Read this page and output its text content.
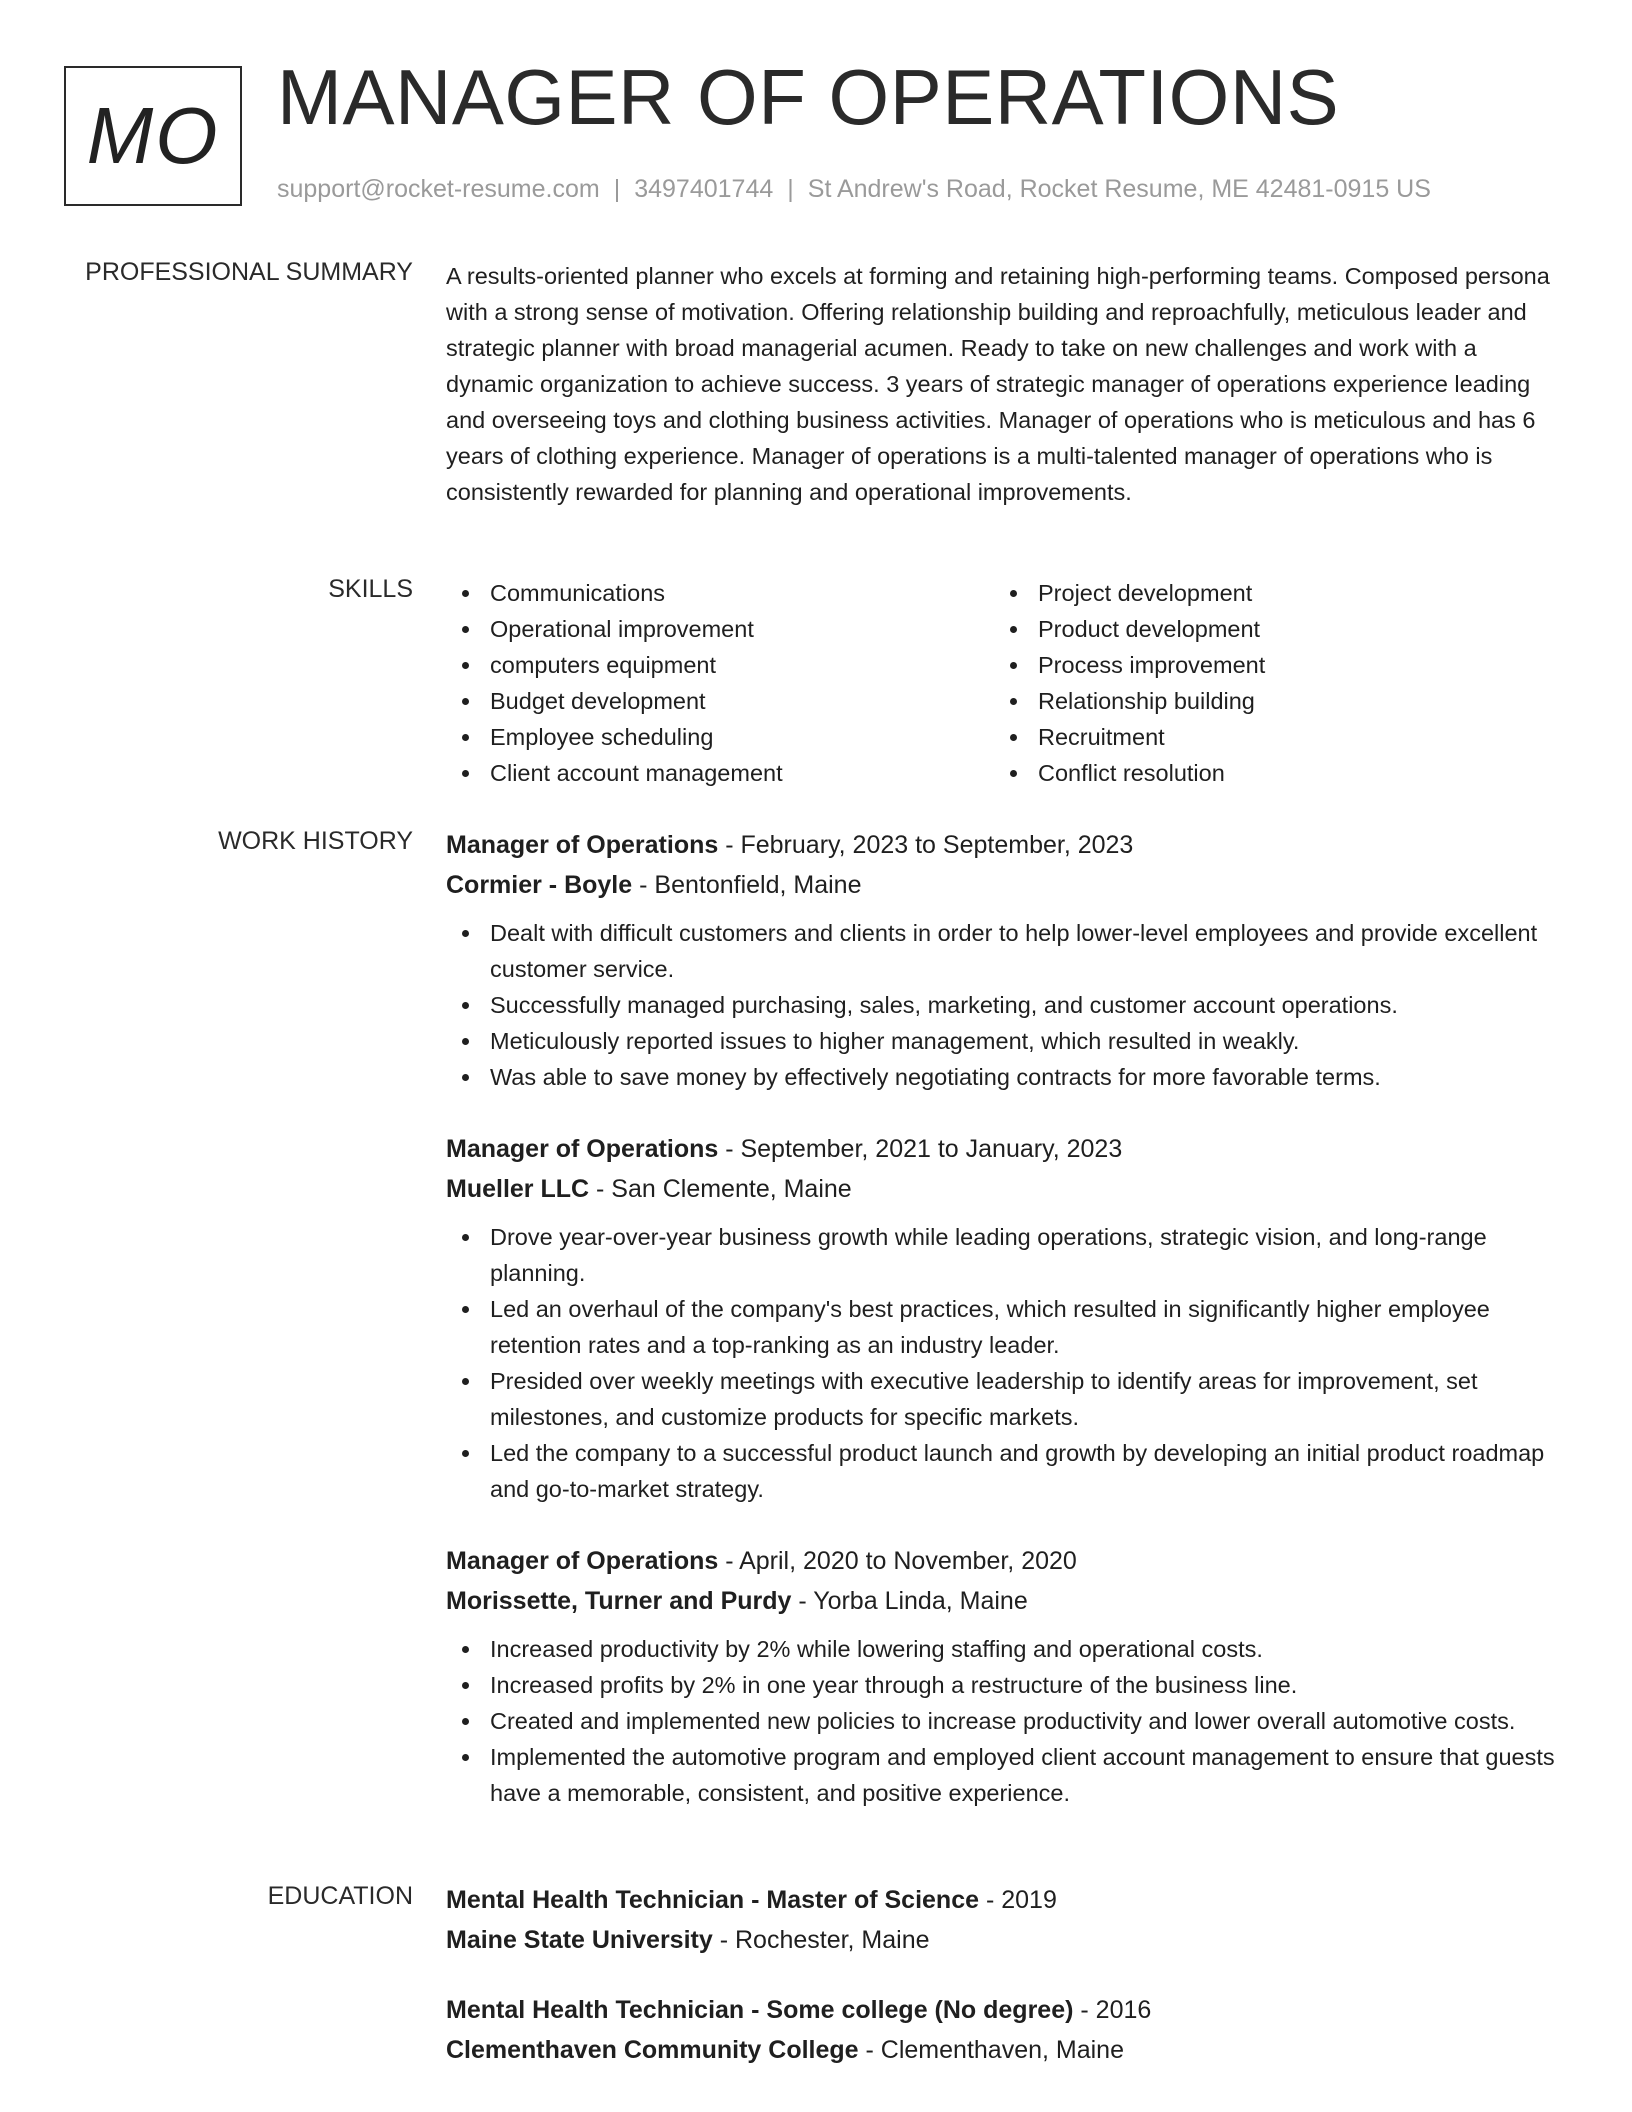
MO MANAGER OF OPERATIONS
support@rocket-resume.com | 3497401744 | St Andrew's Road, Rocket Resume, ME 42481-0915 US
PROFESSIONAL SUMMARY A results-oriented planner who excels at forming and retaining high-performing teams. Composed persona with a strong sense of motivation. Offering relationship building and reproachfully, meticulous leader and strategic planner with broad managerial acumen. Ready to take on new challenges and work with a dynamic organization to achieve success. 3 years of strategic manager of operations experience leading and overseeing toys and clothing business activities. Manager of operations who is meticulous and has 6 years of clothing experience. Manager of operations is a multi-talented manager of operations who is consistently rewarded for planning and operational improvements.

SKILLS	Communications
Operational improvement
computers equipment
Budget development
Employee scheduling
Client account management
Project development
Product development
Process improvement
Relationship building
Recruitment
Conflict resolution
WORK HISTORY Manager of Operations - February, 2023 to September, 2023
Cormier - Boyle - Bentonfield, Maine
Dealt with difficult customers and clients in order to help lower-level employees and provide excellent customer service.
Successfully managed purchasing, sales, marketing, and customer account operations.
Meticulously reported issues to higher management, which resulted in weakly.
Was able to save money by effectively negotiating contracts for more favorable terms.
Manager of Operations - September, 2021 to January, 2023
Mueller LLC - San Clemente, Maine
Drove year-over-year business growth while leading operations, strategic vision, and long-range planning.
Led an overhaul of the company's best practices, which resulted in significantly higher employee retention rates and a top-ranking as an industry leader.
Presided over weekly meetings with executive leadership to identify areas for improvement, set milestones, and customize products for specific markets.
Led the company to a successful product launch and growth by developing an initial product roadmap and go-to-market strategy.
Manager of Operations - April, 2020 to November, 2020
Morissette, Turner and Purdy - Yorba Linda, Maine
Increased productivity by 2% while lowering staffing and operational costs.
Increased profits by 2% in one year through a restructure of the business line.
Created and implemented new policies to increase productivity and lower overall automotive costs.
Implemented the automotive program and employed client account management to ensure that guests have a memorable, consistent, and positive experience.
EDUCATION Mental Health Technician - Master of Science - 2019
Maine State University - Rochester, Maine
Mental Health Technician - Some college (No degree) - 2016
Clementhaven Community College - Clementhaven, Maine
